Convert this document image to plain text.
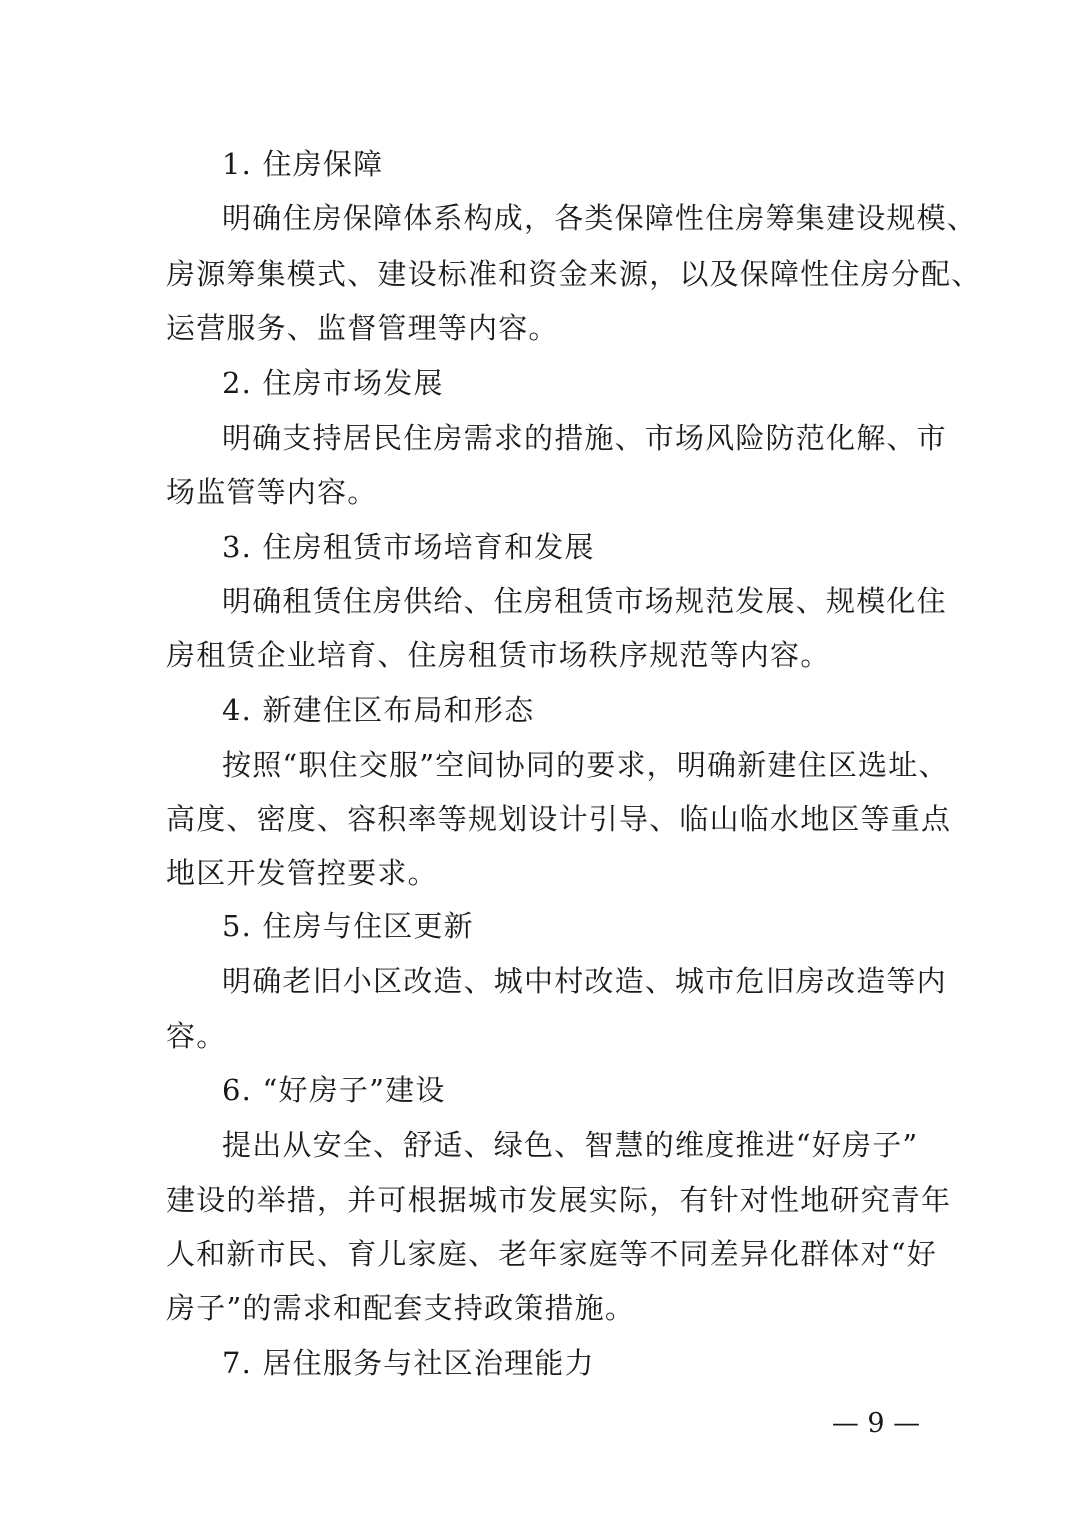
1. 住房保障
明确住房保障体系构成，各类保障性住房筹集建设规模、
房源筹集模式、建设标准和资金来源，以及保障性住房分配、
运营服务、监督管理等内容。
2. 住房市场发展
明确支持居民住房需求的措施、市场风险防范化解、市
场监管等内容。
3. 住房租赁市场培育和发展
明确租赁住房供给、住房租赁市场规范发展、规模化住
房租赁企业培育、住房租赁市场秩序规范等内容。
4. 新建住区布局和形态
按照“职住交服”空间协同的要求，明确新建住区选址、
高度、密度、容积率等规划设计引导、临山临水地区等重点
地区开发管控要求。
5. 住房与住区更新
明确老旧小区改造、城中村改造、城市危旧房改造等内
容。
6. “好房子”建设
提出从安全、舒适、绿色、智慧的维度推进“好房子”
建设的举措，并可根据城市发展实际，有针对性地研究青年
人和新市民、育儿家庭、老年家庭等不同差异化群体对“好
房子”的需求和配套支持政策措施。
7. 居住服务与社区治理能力
— 9 —
